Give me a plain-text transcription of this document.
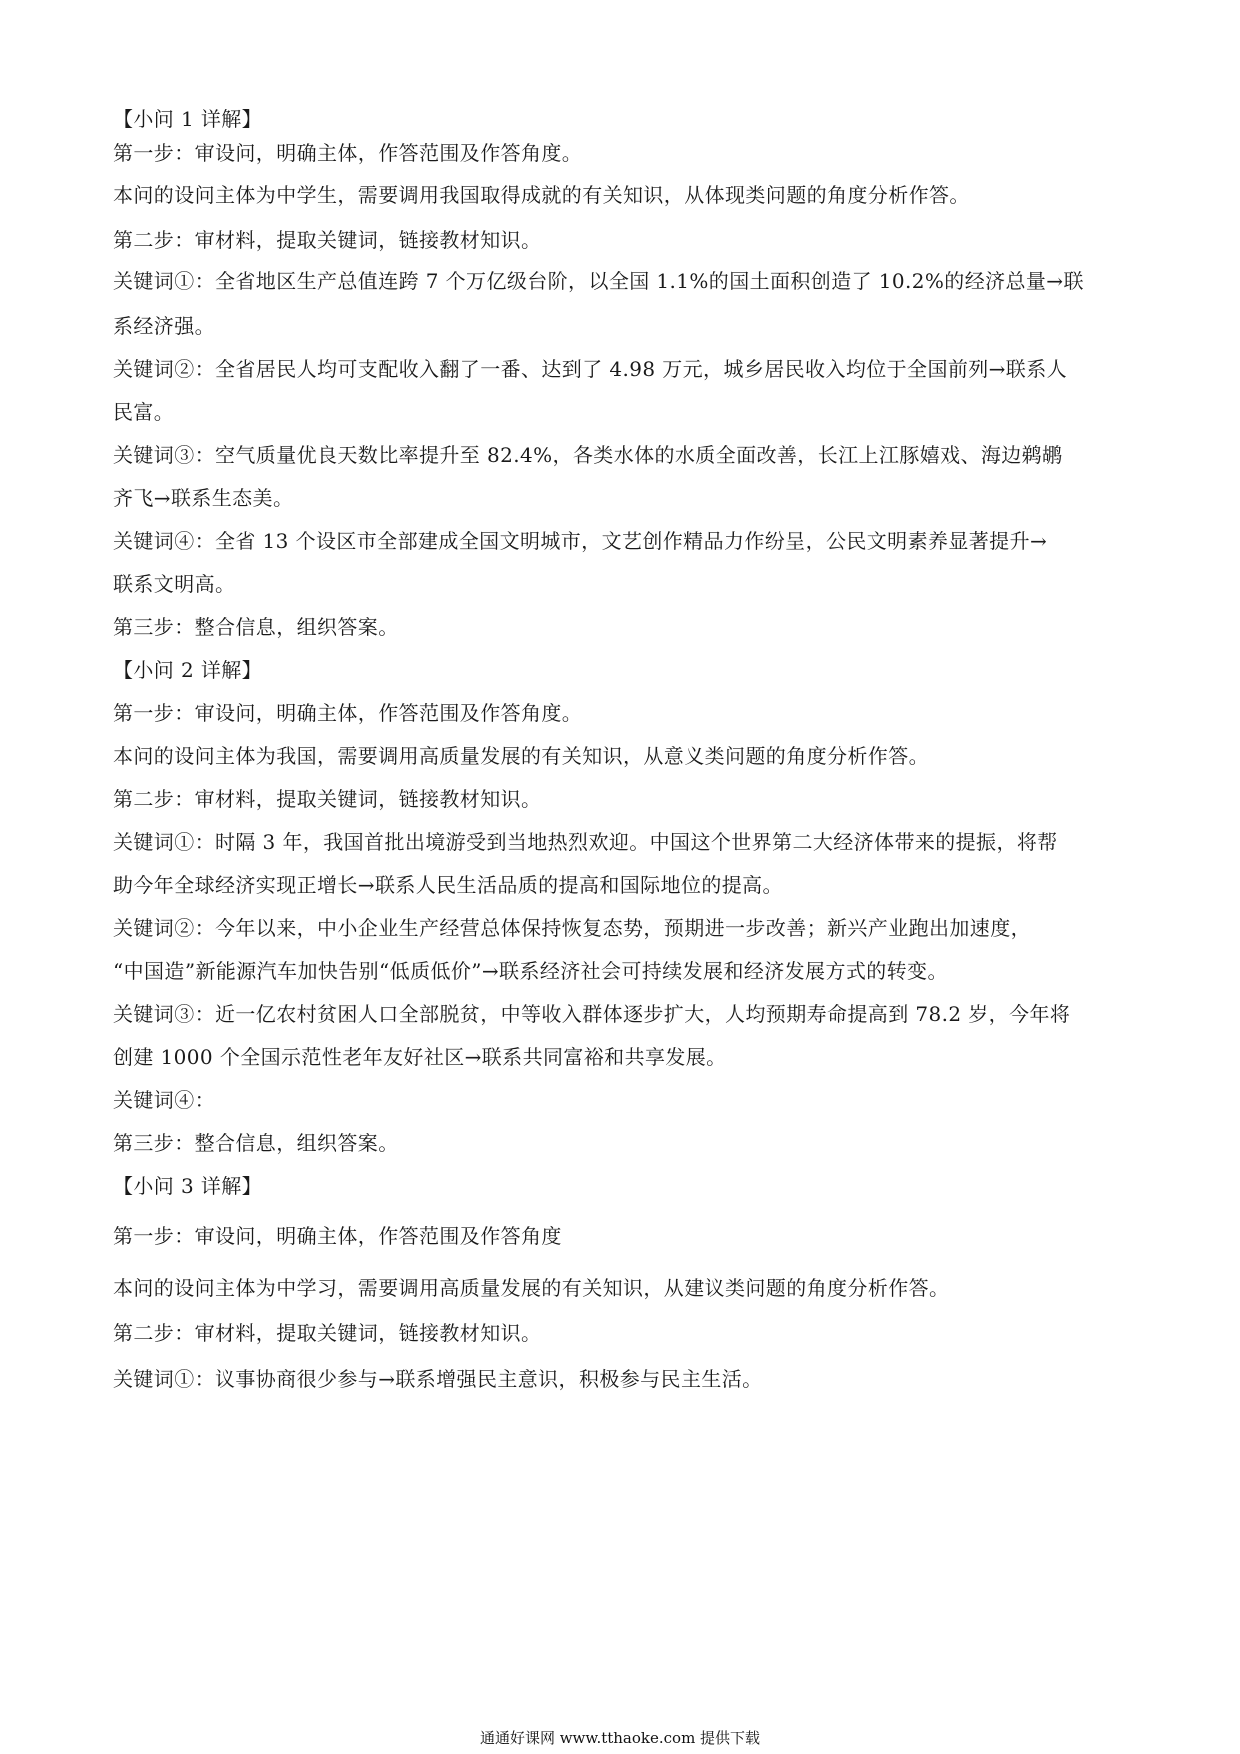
【小问 1 详解】
第一步：审设问，明确主体，作答范围及作答角度。
本问的设问主体为中学生，需要调用我国取得成就的有关知识，从体现类问题的角度分析作答。
第二步：审材料，提取关键词，链接教材知识。
关键词①：全省地区生产总值连跨 7 个万亿级台阶，以全国 1.1%的国土面积创造了 10.2%的经济总量→联
系经济强。
关键词②：全省居民人均可支配收入翻了一番、达到了 4.98 万元，城乡居民收入均位于全国前列→联系人
民富。
关键词③：空气质量优良天数比率提升至 82.4%，各类水体的水质全面改善，长江上江豚嬉戏、海边鹈鹕
齐飞→联系生态美。
关键词④：全省 13 个设区市全部建成全国文明城市，文艺创作精品力作纷呈，公民文明素养显著提升→
联系文明高。
第三步：整合信息，组织答案。
【小问 2 详解】
第一步：审设问，明确主体，作答范围及作答角度。
本问的设问主体为我国，需要调用高质量发展的有关知识，从意义类问题的角度分析作答。
第二步：审材料，提取关键词，链接教材知识。
关键词①：时隔 3 年，我国首批出境游受到当地热烈欢迎。中国这个世界第二大经济体带来的提振，将帮
助今年全球经济实现正增长→联系人民生活品质的提高和国际地位的提高。
关键词②：今年以来，中小企业生产经营总体保持恢复态势，预期进一步改善；新兴产业跑出加速度，
“中国造”新能源汽车加快告别“低质低价”→联系经济社会可持续发展和经济发展方式的转变。
关键词③：近一亿农村贫困人口全部脱贫，中等收入群体逐步扩大，人均预期寿命提高到 78.2 岁，今年将
创建 1000 个全国示范性老年友好社区→联系共同富裕和共享发展。
关键词④：
第三步：整合信息，组织答案。
【小问 3 详解】
第一步：审设问，明确主体，作答范围及作答角度
本问的设问主体为中学习，需要调用高质量发展的有关知识，从建议类问题的角度分析作答。
第二步：审材料，提取关键词，链接教材知识。
关键词①：议事协商很少参与→联系增强民主意识，积极参与民主生活。
通通好课网 www.tthaoke.com 提供下载
